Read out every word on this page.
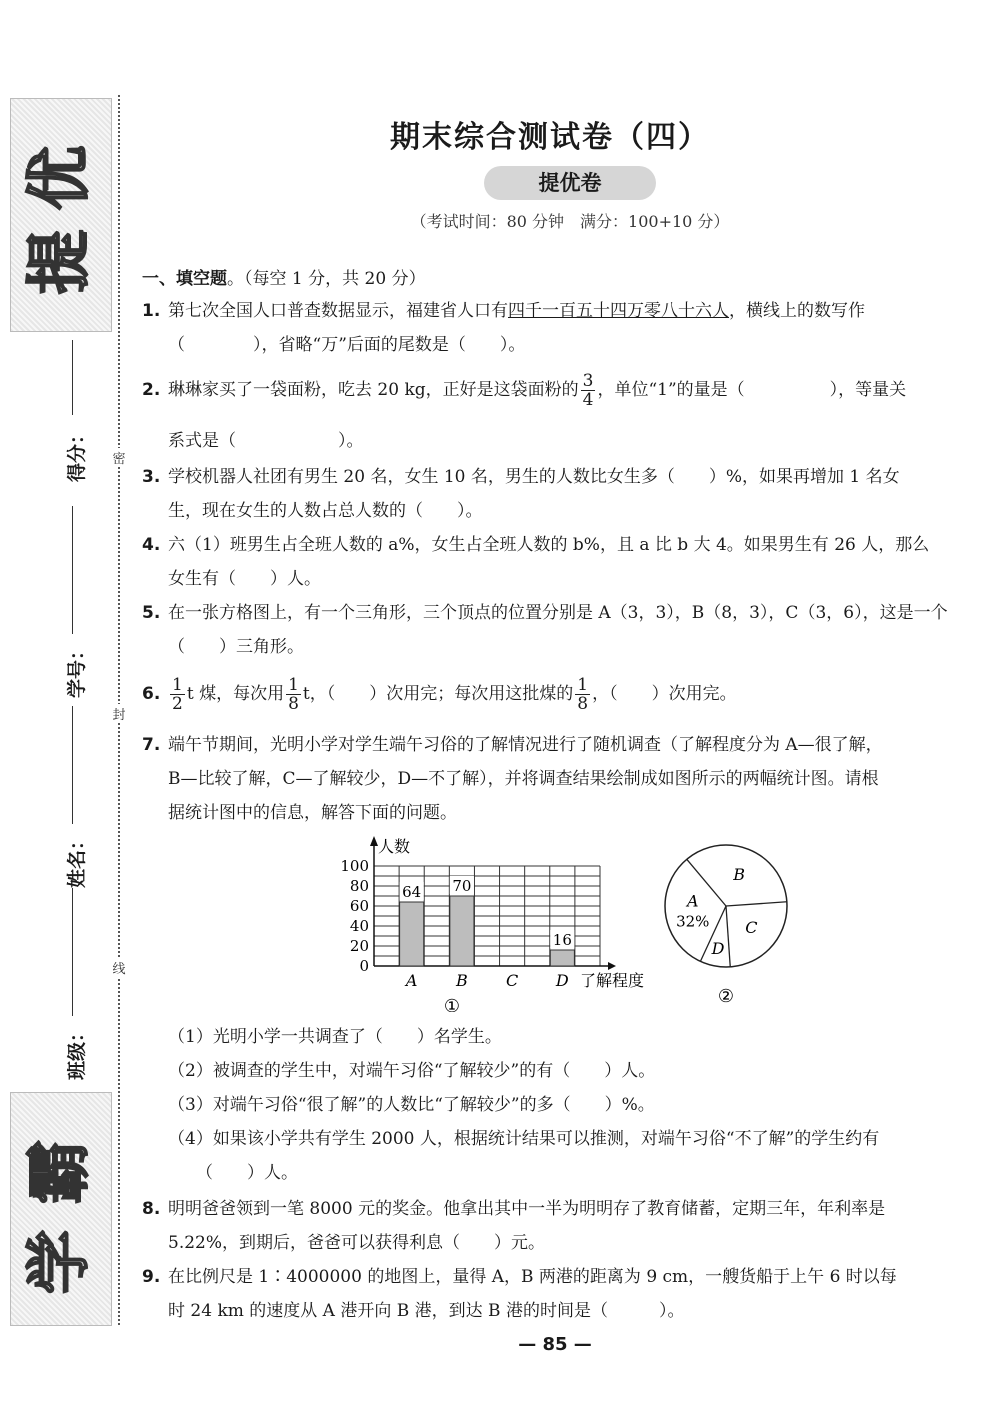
优
提
得分：
学号：
姓名：
班级：
霸
学
密
封
线
期末综合测试卷（四）
提优卷
（考试时间：80 分钟　满分：100+10 分）
一、填空题。（每空 1 分，共 20 分）
1. 第七次全国人口普查数据显示，福建省人口有四千一百五十四万零八十六人，横线上的数写作
（　　　　），省略“万”后面的尾数是（　　）。
2. 琳琳家买了一袋面粉，吃去 20 kg，正好是这袋面粉的 $\frac{3}{4}$ ，单位“1”的量是（　　　　　），等量关
系式是（　　　　　　）。
3. 学校机器人社团有男生 20 名，女生 10 名，男生的人数比女生多（　　）%，如果再增加 1 名女
生，现在女生的人数占总人数的（　　）。
4. 六（1）班男生占全班人数的 a%，女生占全班人数的 b%，且 a 比 b 大 4。如果男生有 26 人，那么
女生有（　　）人。
5. 在一张方格图上，有一个三角形，三个顶点的位置分别是 A（3，3），B（8，3），C（3，6），这是一个
（　　）三角形。
6. $\frac{1}{2}$ t 煤，每次用 $\frac{1}{8}$ t，（　　）次用完；每次用这批煤的 $\frac{1}{8}$ ，（　　）次用完。
7. 端午节期间，光明小学对学生端午习俗的了解情况进行了随机调查（了解程度分为 A—很了解，
B—比较了解，C—了解较少，D—不了解），并将调查结果绘制成如图所示的两幅统计图。请根
据统计图中的信息，解答下面的问题。
人数
0
20
40
60
80
100
64
A
70
B C
16
D 了解程度
①
B
C
D
A
32%
②
（1）光明小学一共调查了（　　）名学生。
（2）被调查的学生中，对端午习俗“了解较少”的有（　　）人。
（3）对端午习俗“很了解”的人数比“了解较少”的多（　　）%。
（4）如果该小学共有学生 2000 人，根据统计结果可以推测，对端午习俗“不了解”的学生约有
（　　）人。
8. 明明爸爸领到一笔 8000 元的奖金。他拿出其中一半为明明存了教育储蓄，定期三年，年利率是
5.22%，到期后，爸爸可以获得利息（　　）元。
9. 在比例尺是 1∶4000000 的地图上，量得 A，B 两港的距离为 9 cm，一艘货船于上午 6 时以每
时 24 km 的速度从 A 港开向 B 港，到达 B 港的时间是（　　　）。
— 85 —
